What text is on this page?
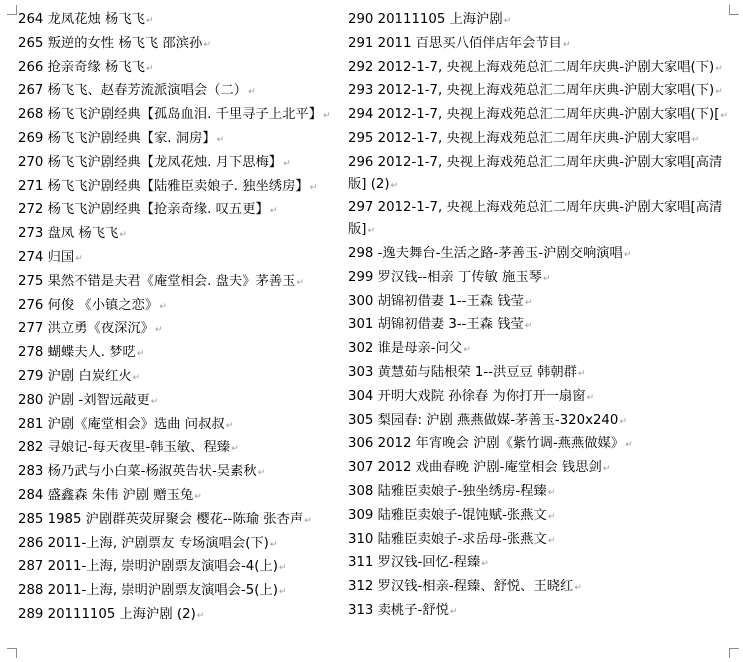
264 龙凤花烛 杨飞飞 ↵
265 叛逆的女性 杨飞飞 邵滨孙 ↵
266 抢亲奇缘 杨飞飞 ↵
267 杨飞飞、赵春芳流派演唱会（二） ↵
268 杨飞飞沪剧经典【孤岛血泪. 千里寻子上北平】 ↵
269 杨飞飞沪剧经典【家. 洞房】 ↵
270 杨飞飞沪剧经典【龙凤花烛. 月下思梅】 ↵
271 杨飞飞沪剧经典【陆雅臣卖娘子. 独坐绣房】 ↵
272 杨飞飞沪剧经典【抢亲奇缘. 叹五更】 ↵
273 盘凤 杨飞飞 ↵
274 归国 ↵
275 果然不错是夫君《庵堂相会. 盘夫》茅善玉 ↵
276 何俊 《小镇之恋》 ↵
277 洪立勇《夜深沉》 ↵
278 蝴蝶夫人. 梦呓 ↵
279 沪剧 白炭红火 ↵
280 沪剧 -刘智远敲更 ↵
281 沪剧《庵堂相会》选曲 问叔叔 ↵
282 寻娘记-每天夜里-韩玉敏、程臻 ↵
283 杨乃武与小白菜-杨淑英告状-吴素秋 ↵
284 盛鑫森 朱伟 沪剧 赠玉兔 ↵
285 1985 沪剧群英荧屏聚会 樱花--陈瑜 张杏声 ↵
286 2011-上海, 沪剧票友 专场演唱会(下) ↵
287 2011-上海, 崇明沪剧票友演唱会-4(上) ↵
288 2011-上海, 崇明沪剧票友演唱会-5(上) ↵
289 20111105 上海沪剧 (2) ↵
290 20111105 上海沪剧 ↵
291 2011 百思买八佰伴店年会节目 ↵
292 2012-1-7, 央视上海戏苑总汇二周年庆典-沪剧大家唱(下) ↵
293 2012-1-7, 央视上海戏苑总汇二周年庆典-沪剧大家唱(下) ↵
294 2012-1-7, 央视上海戏苑总汇二周年庆典-沪剧大家唱(下)[ ↵
295 2012-1-7, 央视上海戏苑总汇二周年庆典-沪剧大家唱 ↵
296 2012-1-7, 央视上海戏苑总汇二周年庆典-沪剧大家唱[高清版] (2) ↵
297 2012-1-7, 央视上海戏苑总汇二周年庆典-沪剧大家唱[高清版] ↵
298 -逸夫舞台-生活之路-茅善玉-沪剧交响演唱 ↵
299 罗汉钱--相亲 丁传敏 施玉琴 ↵
300 胡锦初借妻 1--王森 钱莹 ↵
301 胡锦初借妻 3--王森 钱莹 ↵
302 谁是母亲-问父 ↵
303 黄慧茹与陆根荣 1--洪豆豆 韩朝群 ↵
304 开明大戏院 孙徐春 为你打开一扇窗 ↵
305 梨园春: 沪剧 燕燕做媒-茅善玉-320x240 ↵
306 2012 年宵晚会 沪剧《紫竹调-燕燕做媒》 ↵
307 2012 戏曲春晚 沪剧-庵堂相会 钱思剑 ↵
308 陆雅臣卖娘子-独坐绣房-程臻 ↵
309 陆雅臣卖娘子-馄饨赋-张燕文 ↵
310 陆雅臣卖娘子-求岳母-张燕文 ↵
311 罗汉钱-回忆-程臻 ↵
312 罗汉钱-相亲-程臻、舒悦、王晓红 ↵
313 卖桃子-舒悦 ↵
